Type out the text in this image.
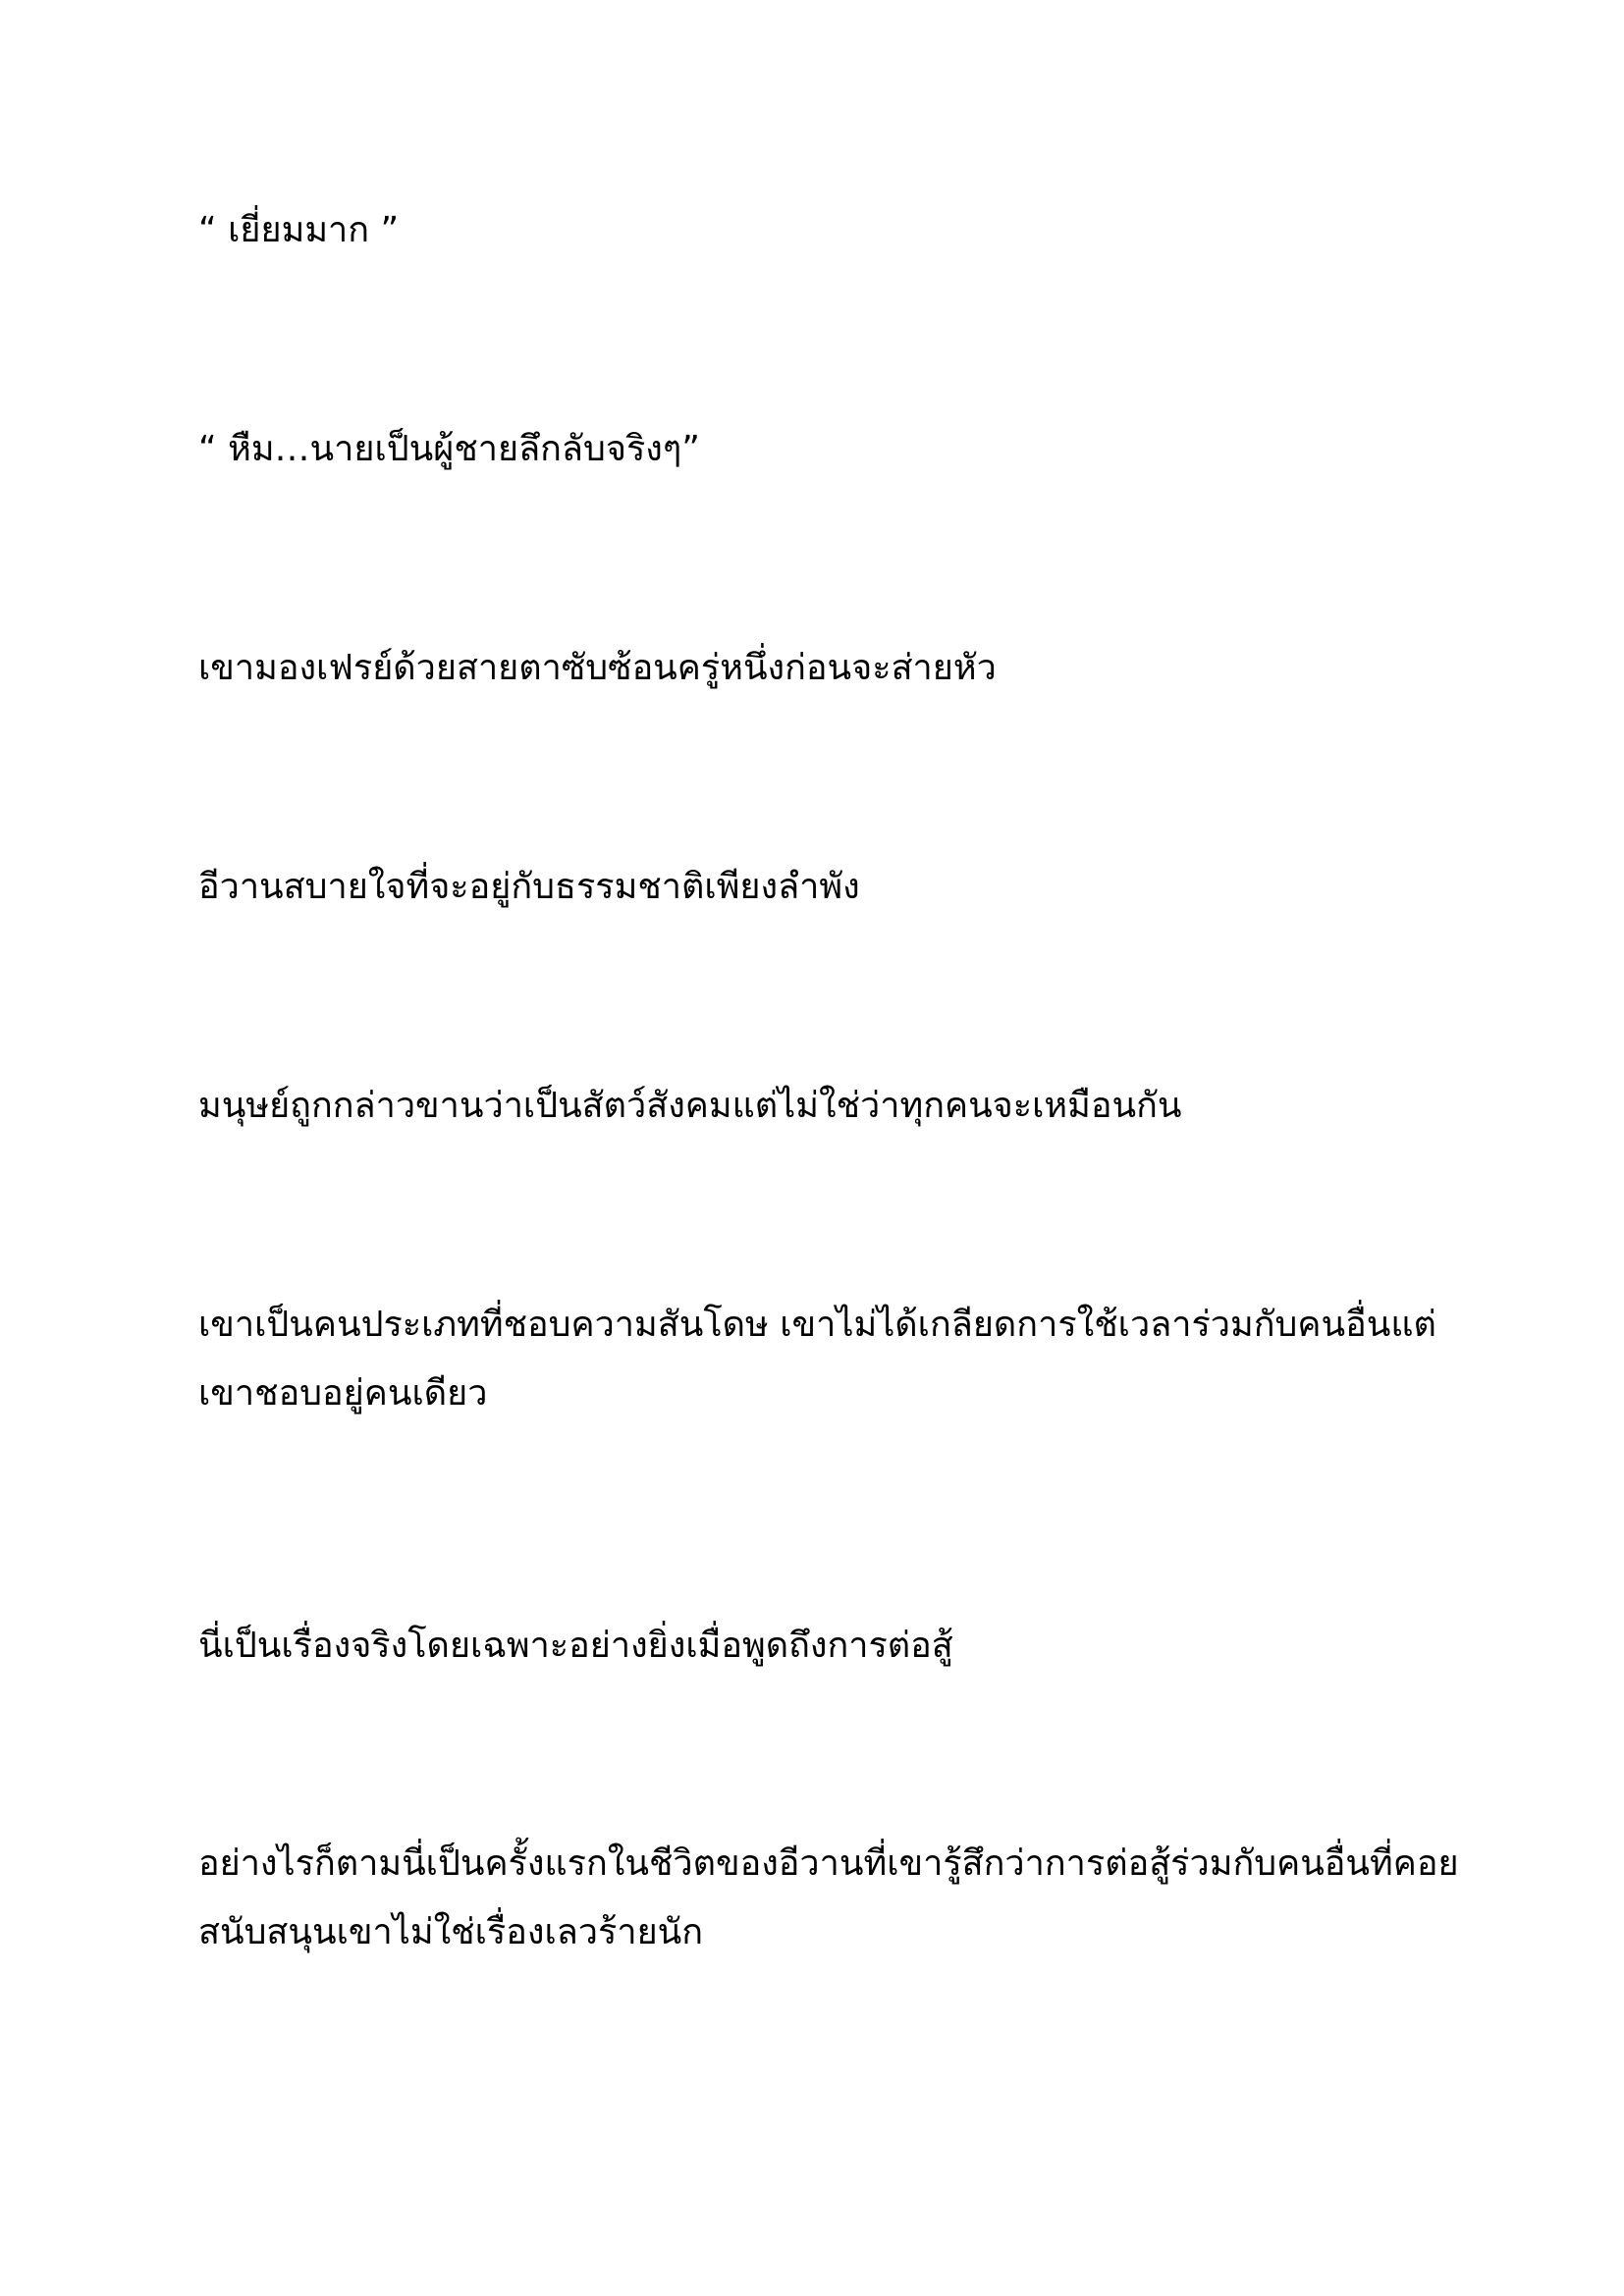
“ เยี่ยมมาก ”

“ หืม…นายเป็นผู้ชายลึกลับจริงๆ”

เขามองเฟรย์ด้วยสายตาซับซ้อนครู่หนึ่งก่อนจะส่ายหัว

อีวานสบายใจที่จะอยู่กับธรรมชาติเพียงลำพัง

มนุษย์ถูกกล่าวขานว่าเป็นสัตว์สังคมแต่ไม่ใช่ว่าทุกคนจะเหมือนกัน

เขาเป็นคนประเภทที่ชอบความสันโดษ เขาไม่ได้เกลียดการใช้เวลาร่วมกับคนอื่นแต่
เขาชอบอยู่คนเดียว

นี่เป็นเรื่องจริงโดยเฉพาะอย่างยิ่งเมื่อพูดถึงการต่อสู้

อย่างไรก็ตามนี่เป็นครั้งแรกในชีวิตของอีวานที่เขารู้สึกว่าการต่อสู้ร่วมกับคนอื่นที่คอย
สนับสนุนเขาไม่ใช่เรื่องเลวร้ายนัก
